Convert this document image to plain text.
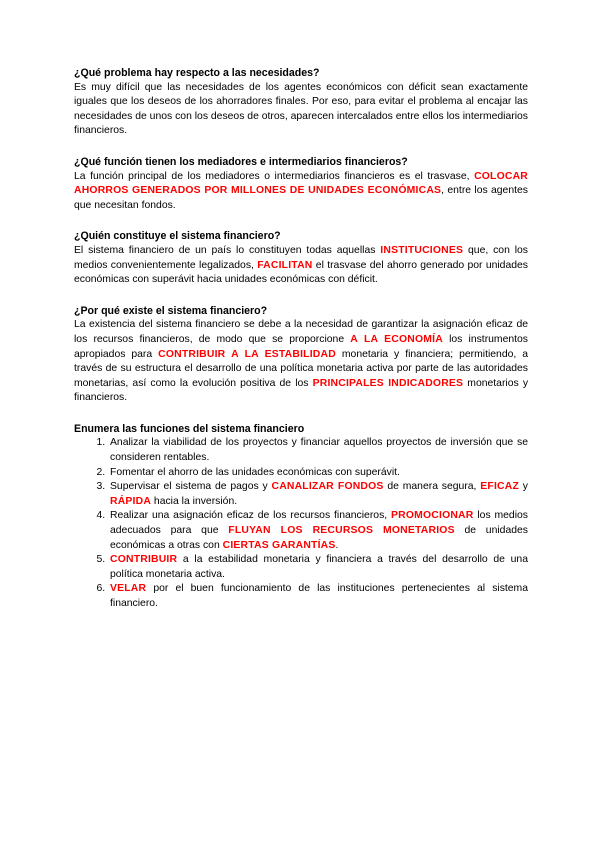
¿Qué problema hay respecto a las necesidades?

Es muy difícil que las necesidades de los agentes económicos con déficit sean exactamente iguales que los deseos de los ahorradores finales. Por eso, para evitar el problema al encajar las necesidades de unos con los deseos de otros, aparecen intercalados entre ellos los intermediarios financieros.

¿Qué función tienen los mediadores e intermediarios financieros?

La función principal de los mediadores o intermediarios financieros es el trasvase, COLOCAR AHORROS GENERADOS POR MILLONES DE UNIDADES ECONÓMICAS, entre los agentes que necesitan fondos.

¿Quién constituye el sistema financiero?

El sistema financiero de un país lo constituyen todas aquellas INSTITUCIONES que, con los medios convenientemente legalizados, FACILITAN el trasvase del ahorro generado por unidades económicas con superávit hacia unidades económicas con déficit.

¿Por qué existe el sistema financiero?

La existencia del sistema financiero se debe a la necesidad de garantizar la asignación eficaz de los recursos financieros, de modo que se proporcione A LA ECONOMÍA los instrumentos apropiados para CONTRIBUIR A LA ESTABILIDAD monetaria y financiera; permitiendo, a través de su estructura el desarrollo de una política monetaria activa por parte de las autoridades monetarias, así como la evolución positiva de los PRINCIPALES INDICADORES monetarios y financieros.

Enumera las funciones del sistema financiero

1. Analizar la viabilidad de los proyectos y financiar aquellos proyectos de inversión que se consideren rentables.
2. Fomentar el ahorro de las unidades económicas con superávit.
3. Supervisar el sistema de pagos y CANALIZAR FONDOS de manera segura, EFICAZ y RÁPIDA hacia la inversión.
4. Realizar una asignación eficaz de los recursos financieros, PROMOCIONAR los medios adecuados para que FLUYAN LOS RECURSOS MONETARIOS de unidades económicas a otras con CIERTAS GARANTÍAS.
5. CONTRIBUIR a la estabilidad monetaria y financiera a través del desarrollo de una política monetaria activa.
6. VELAR por el buen funcionamiento de las instituciones pertenecientes al sistema financiero.
